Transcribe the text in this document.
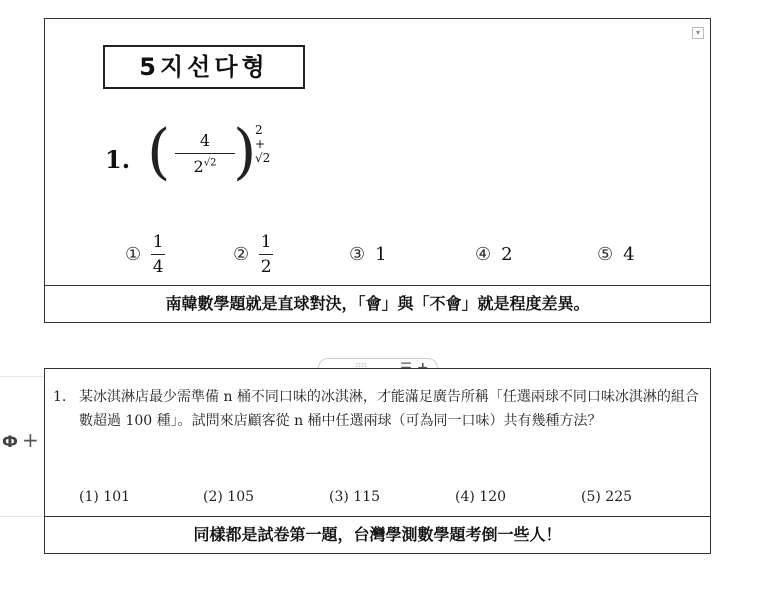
▾
5지선다형
1. (	4
$2^{√2}$ )
2 + √2
①
1
4
②
1
2
③ 1	④ 2	⑤ 4
南韓數學題就是直球對決，「會」與「不會」就是程度差異。
Ф +
1. 某冰淇淋店最少需準備 n 桶不同口味的冰淇淋，才能滿足廣告所稱「任選兩球不同口味冰淇淋的組合數超過 100 種」。試問來店顧客從 n 桶中任選兩球（可為同一口味）共有幾種方法？
(1) 101	(2) 105	(3) 115	(4) 120	(5) 225
同樣都是試卷第一題，台灣學測數學題考倒一些人！
